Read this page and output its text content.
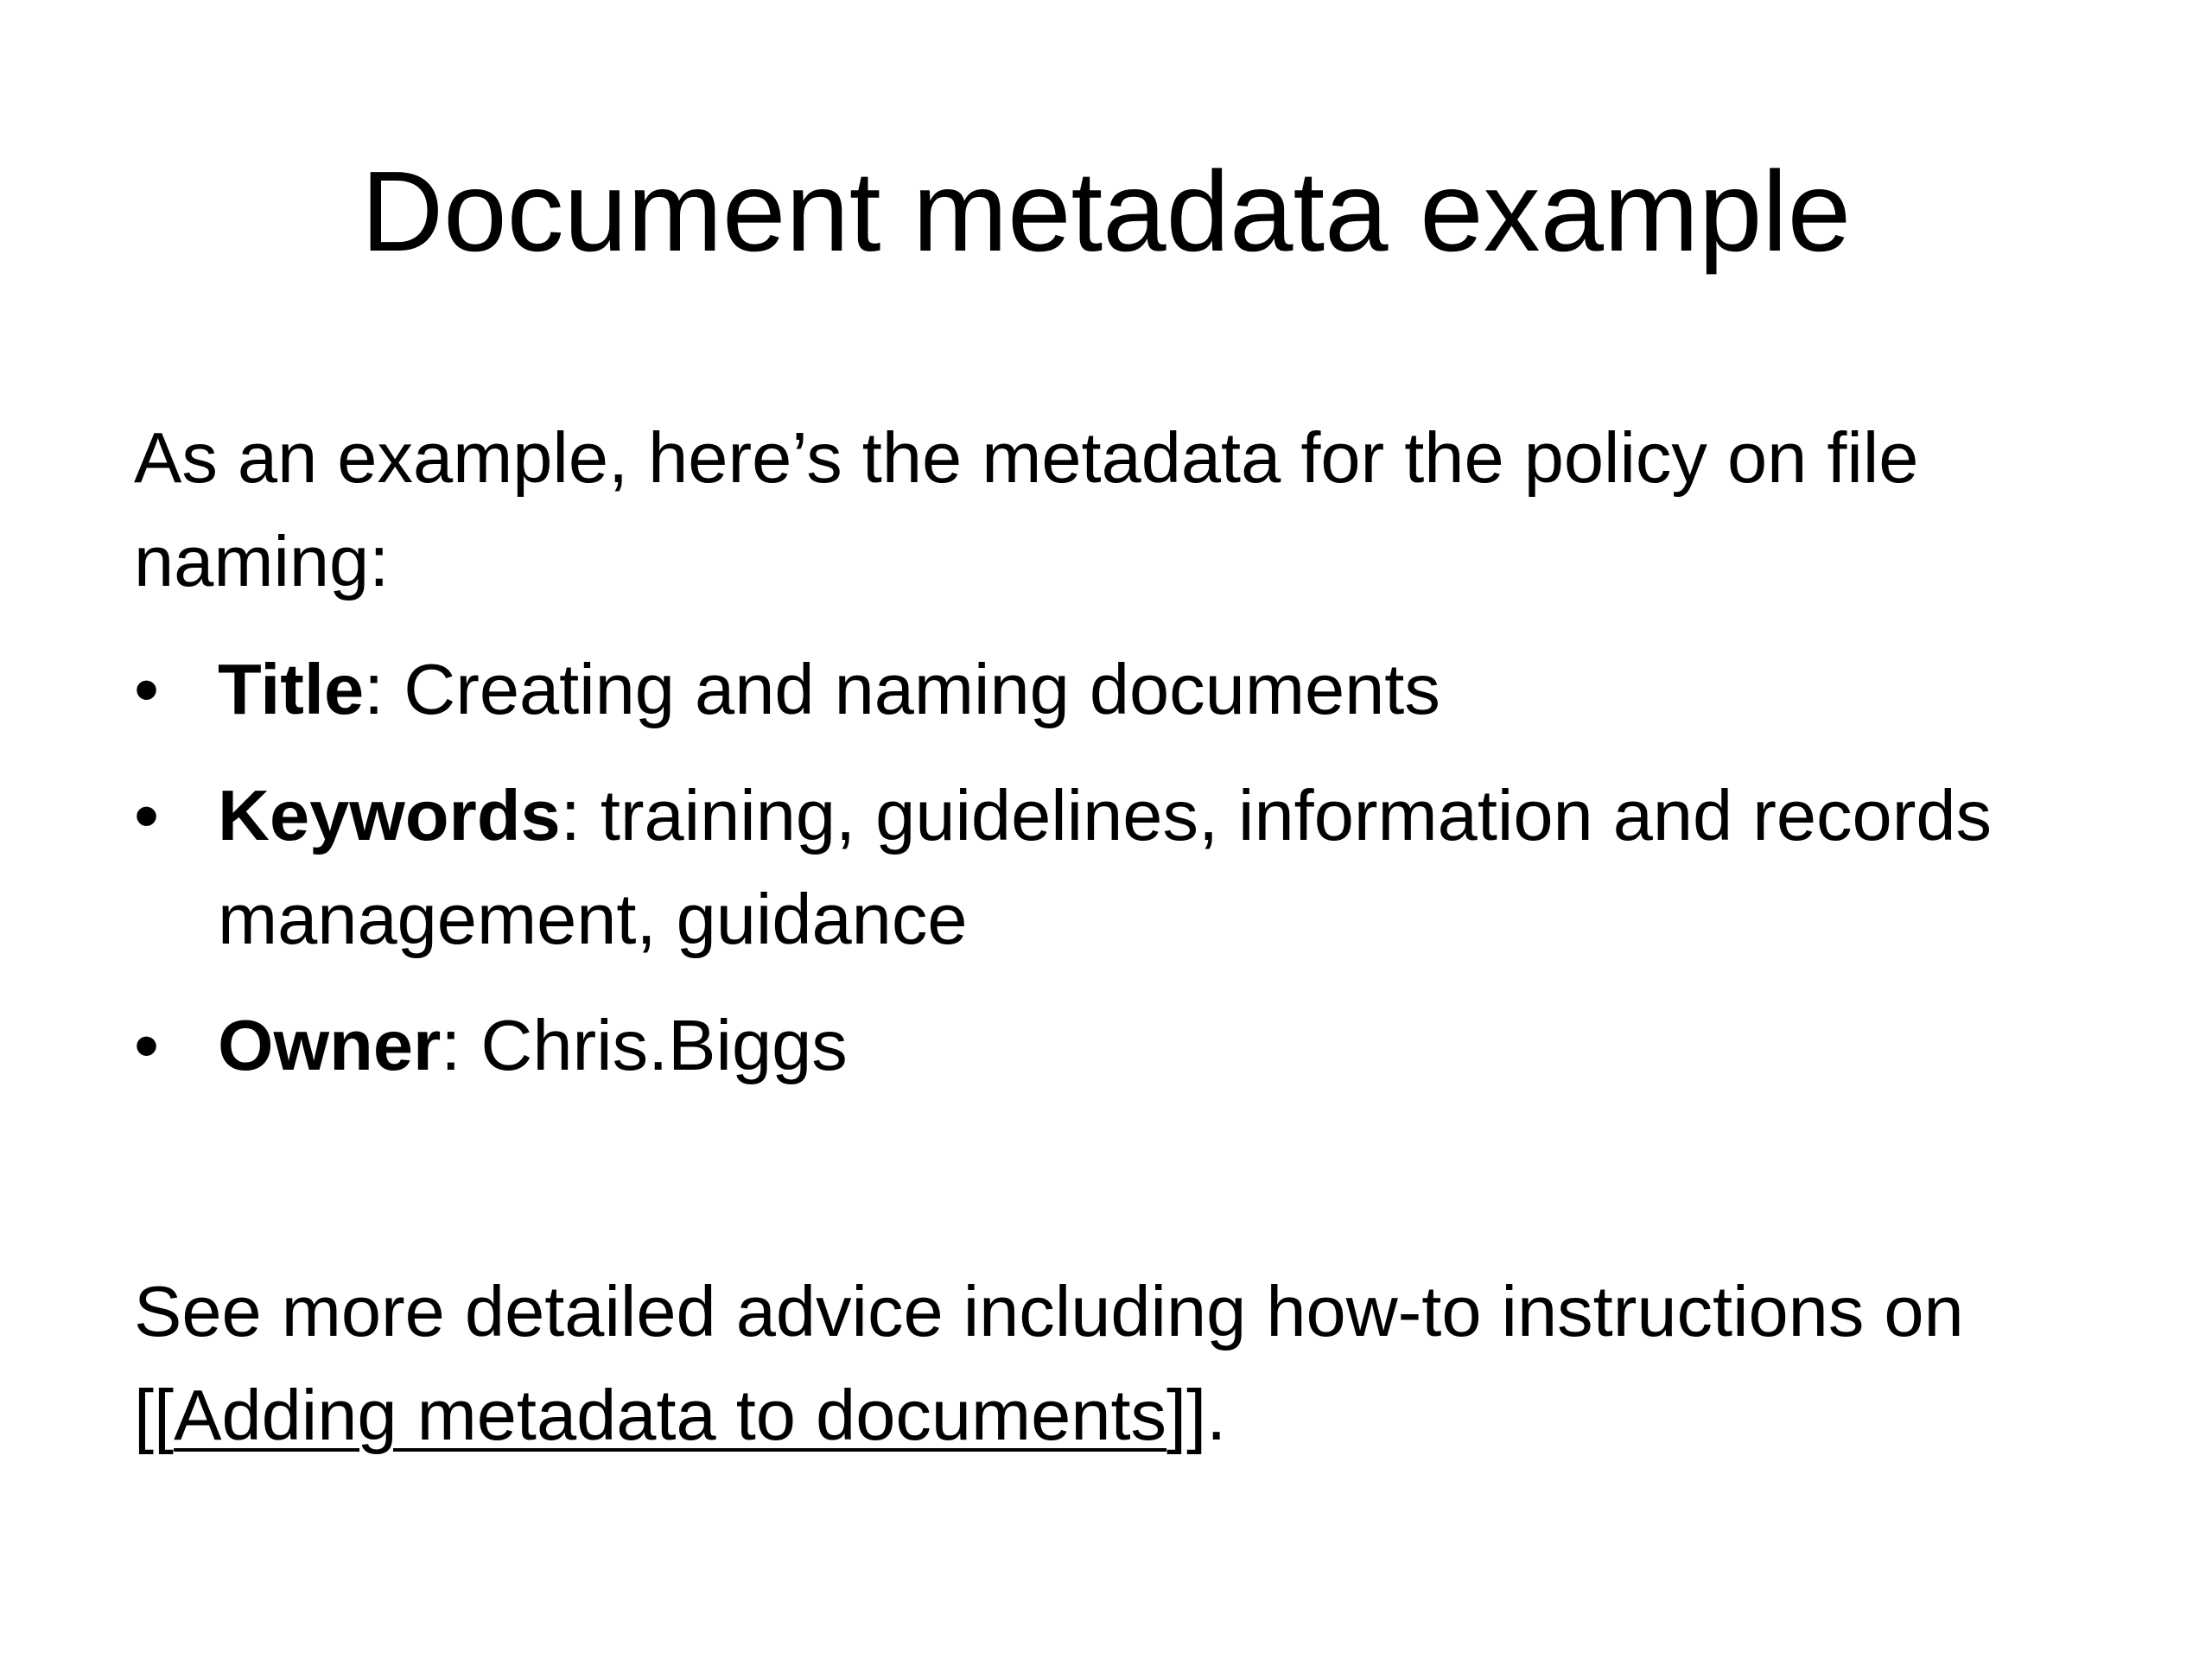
Document metadata example

As an example, here’s the metadata for the policy on file naming:

• Title: Creating and naming documents
• Keywords: training, guidelines, information and records management, guidance
• Owner: Chris.Biggs

See more detailed advice including how-to instructions on [[Adding metadata to documents]].
